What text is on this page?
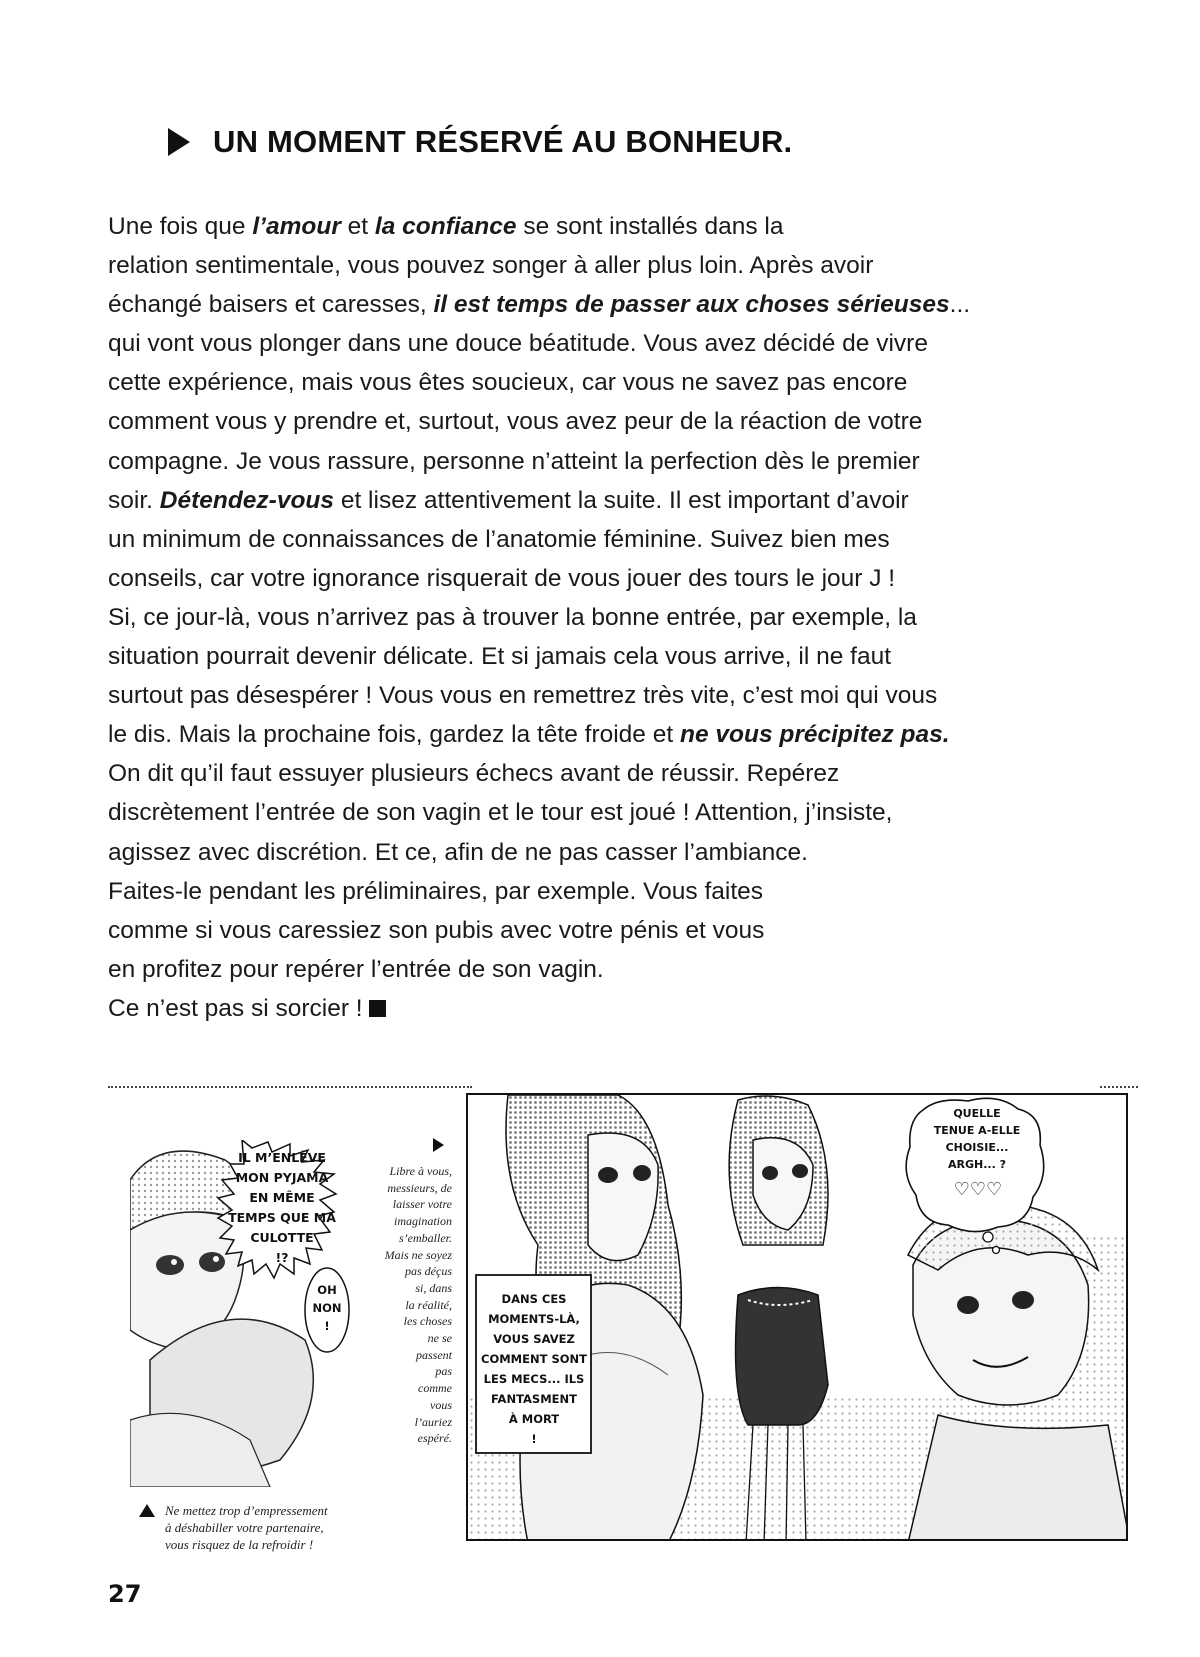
UN MOMENT RÉSERVÉ AU BONHEUR.
Une fois que l’amour et la confiance se sont installés dans la
relation sentimentale, vous pouvez songer à aller plus loin. Après avoir
échangé baisers et caresses, il est temps de passer aux choses sérieuses...
qui vont vous plonger dans une douce béatitude. Vous avez décidé de vivre
cette expérience, mais vous êtes soucieux, car vous ne savez pas encore
comment vous y prendre et, surtout, vous avez peur de la réaction de votre
compagne. Je vous rassure, personne n’atteint la perfection dès le premier
soir. Détendez-vous et lisez attentivement la suite. Il est important d’avoir
un minimum de connaissances de l’anatomie féminine. Suivez bien mes
conseils, car votre ignorance risquerait de vous jouer des tours le jour J !
Si, ce jour-là, vous n’arrivez pas à trouver la bonne entrée, par exemple, la
situation pourrait devenir délicate. Et si jamais cela vous arrive, il ne faut
surtout pas désespérer ! Vous vous en remettrez très vite, c’est moi qui vous
le dis. Mais la prochaine fois, gardez la tête froide et ne vous précipitez pas.
On dit qu’il faut essuyer plusieurs échecs avant de réussir. Repérez
discrètement l’entrée de son vagin et le tour est joué ! Attention, j’insiste,
agissez avec discrétion. Et ce, afin de ne pas casser l’ambiance.
Faites-le pendant les préliminaires, par exemple. Vous faites
comme si vous caressiez son pubis avec votre pénis et vous
en profitez pour repérer l’entrée de son vagin.
Ce n’est pas si sorcier !
IL M’ENLÈVE
MON PYJAMA
EN MÊME
TEMPS QUE MA
CULOTTE
!?
OH
NON
!
Libre à vous,
messieurs, de
laisser votre
imagination
s’emballer.
Mais ne soyez
pas déçus
si, dans
la réalité,
les choses
ne se
passent
pas
comme
vous
l’auriez
espéré.
Ne mettez trop d’empressement
à déshabiller votre partenaire,
vous risquez de la refroidir !
DANS CES
MOMENTS-LÀ,
VOUS SAVEZ
COMMENT SONT
LES MECS... ILS
FANTASMENT
À MORT
!
QUELLE
TENUE A-ELLE
CHOISIE...
ARGH... ?
♡♡♡
27
